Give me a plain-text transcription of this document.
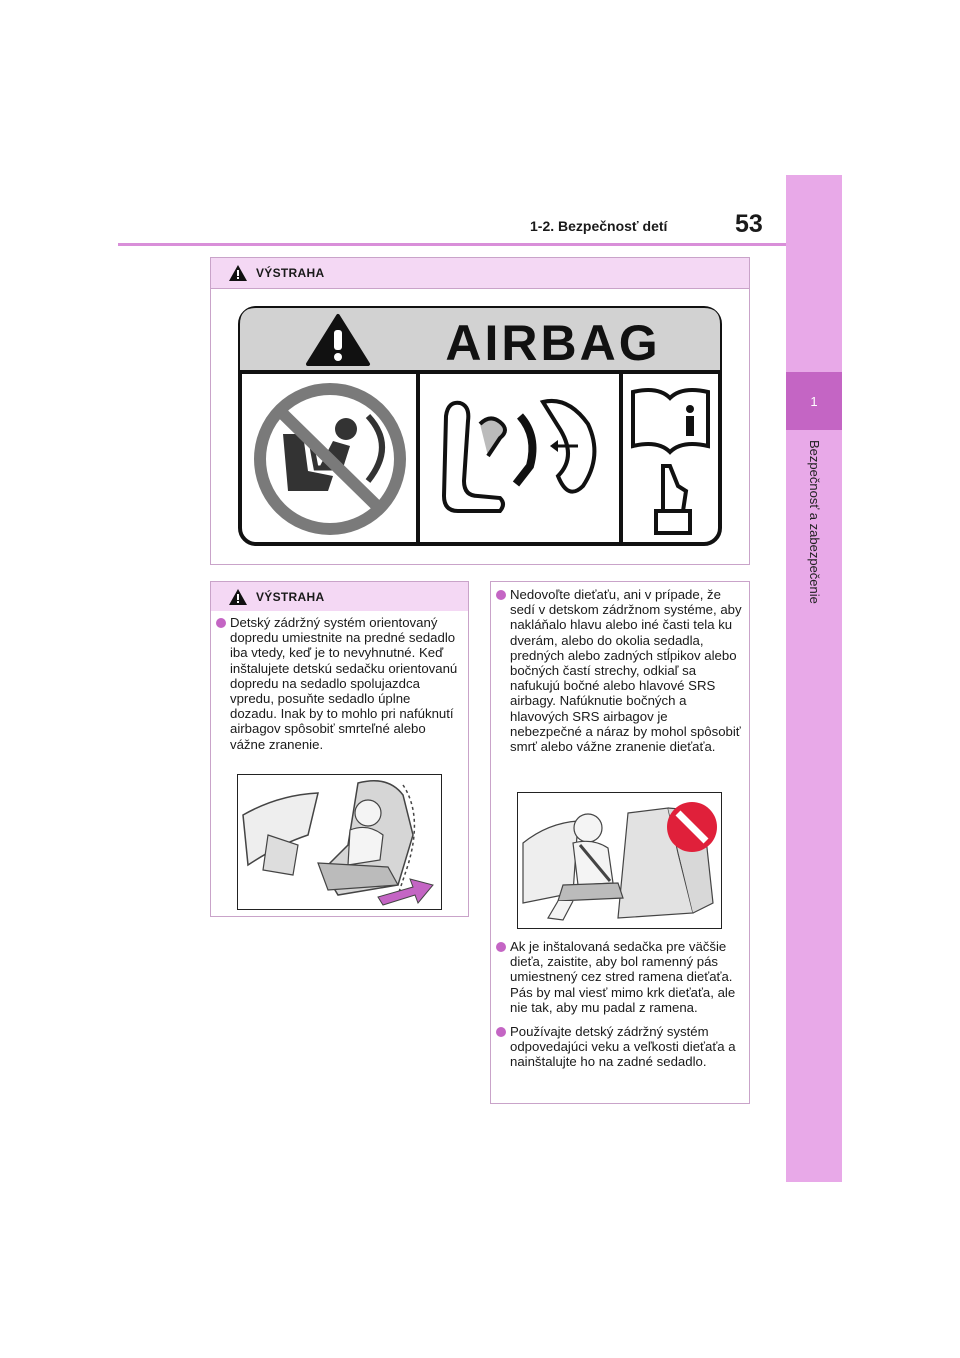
1-2. Bezpečnosť detí	53
1
Bezpečnosť a zabezpečenie
VÝSTRAHA
AIRBAG
VÝSTRAHA
Detský zádržný systém orientovaný dopredu umiestnite na predné sedadlo iba vtedy, keď je to nevyhnutné. Keď inštalujete detskú sedačku orientovanú dopredu na sedadlo spolujazdca vpredu, posuňte sedadlo úplne dozadu. Inak by to mohlo pri nafúknutí airbagov spôsobiť smrteľné alebo vážne zranenie.
Nedovoľte dieťaťu, ani v prípade, že sedí v detskom zádržnom systéme, aby nakláňalo hlavu alebo iné časti tela ku dverám, alebo do okolia sedadla, predných alebo zadných stĺpikov alebo bočných častí strechy, odkiaľ sa nafukujú bočné alebo hlavové SRS airbagy. Nafúknutie bočných a hlavových SRS airbagov je nebezpečné a náraz by mohol spôsobiť smrť alebo vážne zranenie dieťaťa.
Ak je inštalovaná sedačka pre väčšie dieťa, zaistite, aby bol ramenný pás umiestnený cez stred ramena dieťaťa. Pás by mal viesť mimo krk dieťaťa, ale nie tak, aby mu padal z ramena.
Používajte detský zádržný systém odpovedajúci veku a veľkosti dieťaťa a nainštalujte ho na zadné sedadlo.
